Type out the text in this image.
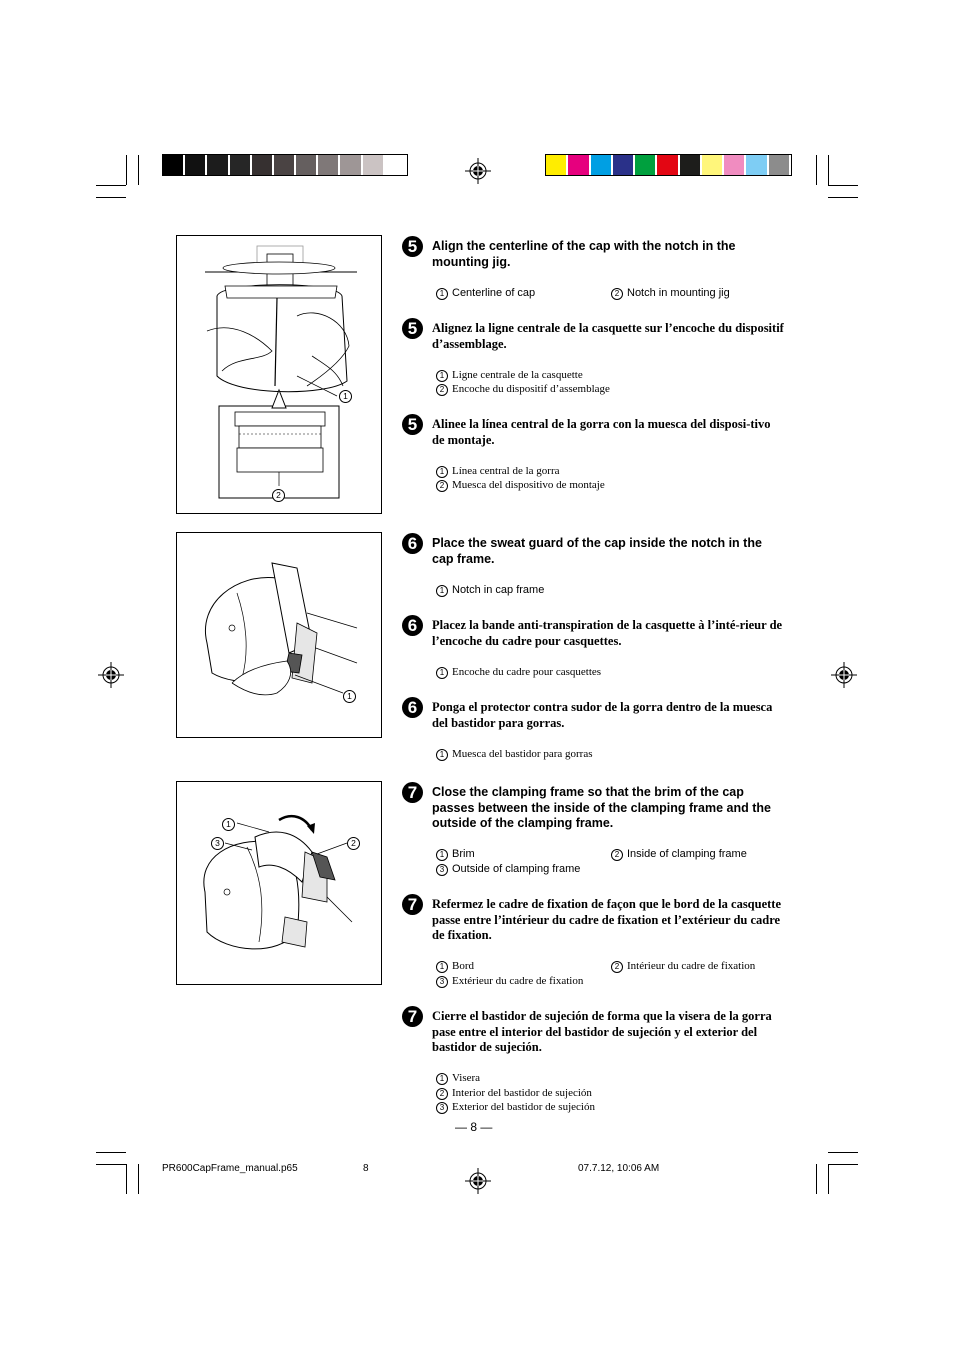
1
2
1
1
3	2
5	Align the centerline of the cap with the notch in the mounting jig.
1 Centerline of cap	2 Notch in mounting jig
5	Alignez la ligne centrale de la casquette sur l’encoche du dispositif d’assemblage.
1 Ligne centrale de la casquette
2 Encoche du dispositif d’assemblage
5	Alinee la línea central de la gorra con la muesca del disposi-tivo de montaje.
1 Línea central de la gorra
2 Muesca del dispositivo de montaje
6	Place the sweat guard of the cap inside the notch in the cap frame.
1 Notch in cap frame
6	Placez la bande anti-transpiration de la casquette à l’inté-rieur de l’encoche du cadre pour casquettes.
1 Encoche du cadre pour casquettes
6	Ponga el protector contra sudor de la gorra dentro de la muesca del bastidor para gorras.
1 Muesca del bastidor para gorras
7	Close the clamping frame so that the brim of the cap passes between the inside of the clamping frame and the outside of the clamping frame.
1 Brim	2 Inside of clamping frame
3 Outside of clamping frame
7	Refermez le cadre de fixation de façon que le bord de la casquette passe entre l’intérieur du cadre de fixation et l’extérieur du cadre de fixation.
1 Bord	2 Intérieur du cadre de fixation
3 Extérieur du cadre de fixation
7	Cierre el bastidor de sujeción de forma que la visera de la gorra pase entre el interior del bastidor de sujeción y el exterior del bastidor de sujeción.
1 Visera
2 Interior del bastidor de sujeción
3 Exterior del bastidor de sujeción
— 8 —
PR600CapFrame_manual.p65	8	07.7.12, 10:06 AM
